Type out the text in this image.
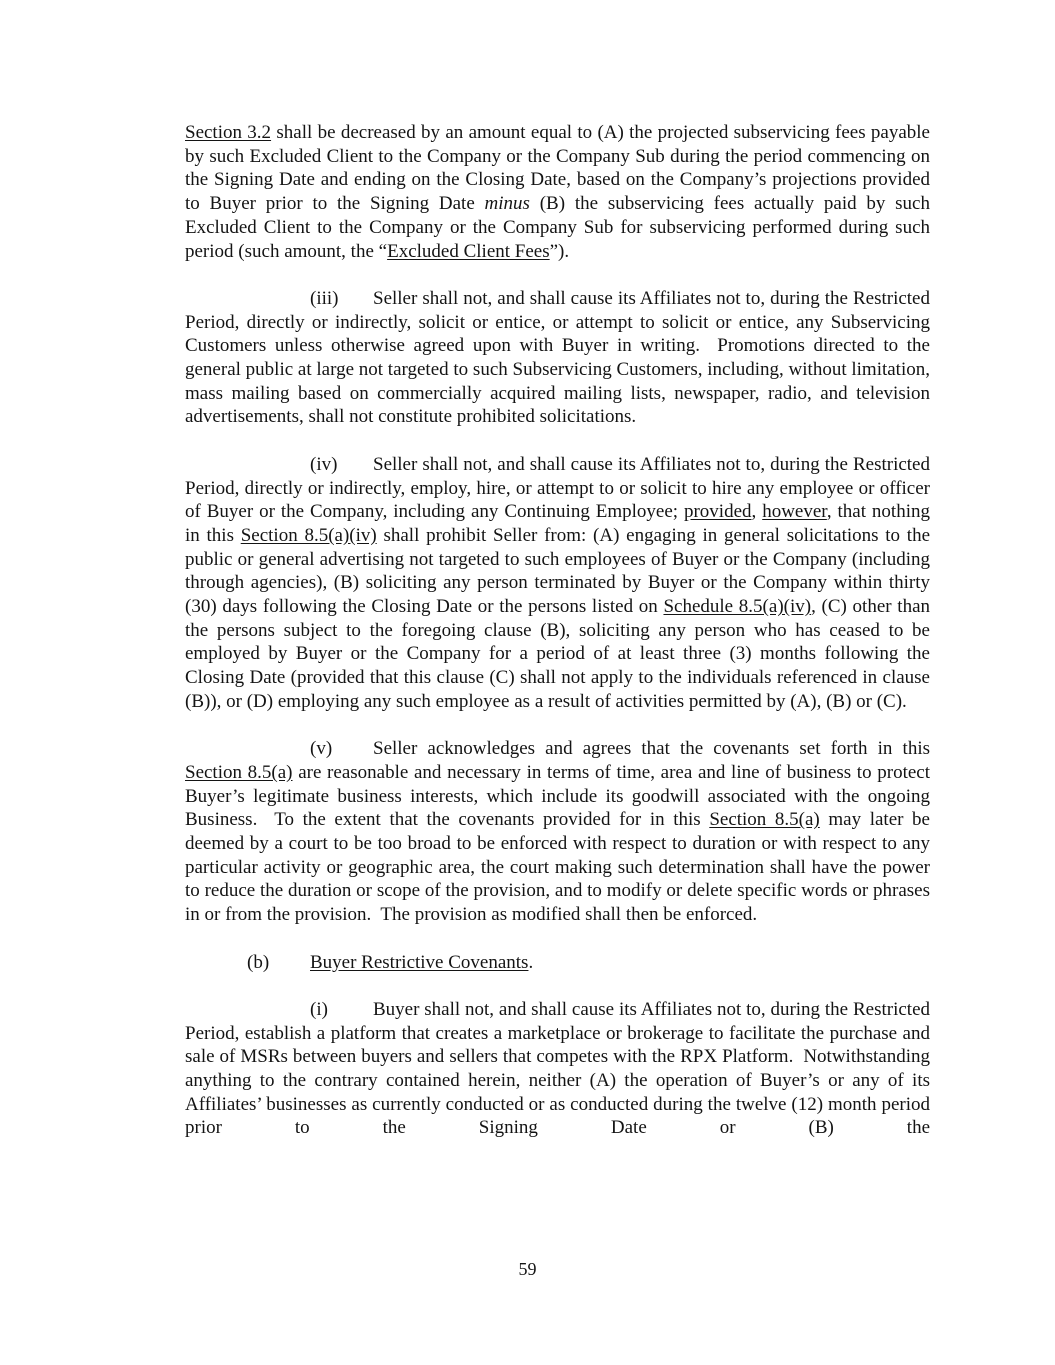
Section 3.2 shall be decreased by an amount equal to (A) the projected subservicing fees payable by such Excluded Client to the Company or the Company Sub during the period commencing on the Signing Date and ending on the Closing Date, based on the Company’s projections provided to Buyer prior to the Signing Date minus (B) the subservicing fees actually paid by such Excluded Client to the Company or the Company Sub for subservicing performed during such period (such amount, the “Excluded Client Fees”).

(iii) Seller shall not, and shall cause its Affiliates not to, during the Restricted Period, directly or indirectly, solicit or entice, or attempt to solicit or entice, any Subservicing Customers unless otherwise agreed upon with Buyer in writing.  Promotions directed to the general public at large not targeted to such Subservicing Customers, including, without limitation, mass mailing based on commercially acquired mailing lists, newspaper, radio, and television advertisements, shall not constitute prohibited solicitations.

(iv) Seller shall not, and shall cause its Affiliates not to, during the Restricted Period, directly or indirectly, employ, hire, or attempt to or solicit to hire any employee or officer of Buyer or the Company, including any Continuing Employee; provided, however, that nothing in this Section 8.5(a)(iv) shall prohibit Seller from: (A) engaging in general solicitations to the public or general advertising not targeted to such employees of Buyer or the Company (including through agencies), (B) soliciting any person terminated by Buyer or the Company within thirty (30) days following the Closing Date or the persons listed on Schedule 8.5(a)(iv), (C) other than the persons subject to the foregoing clause (B), soliciting any person who has ceased to be employed by Buyer or the Company for a period of at least three (3) months following the Closing Date (provided that this clause (C) shall not apply to the individuals referenced in clause (B)), or (D) employing any such employee as a result of activities permitted by (A), (B) or (C).

(v) Seller acknowledges and agrees that the covenants set forth in this Section 8.5(a) are reasonable and necessary in terms of time, area and line of business to protect Buyer’s legitimate business interests, which include its goodwill associated with the ongoing Business.  To the extent that the covenants provided for in this Section 8.5(a) may later be deemed by a court to be too broad to be enforced with respect to duration or with respect to any particular activity or geographic area, the court making such determination shall have the power to reduce the duration or scope of the provision, and to modify or delete specific words or phrases in or from the provision.  The provision as modified shall then be enforced.

(b) Buyer Restrictive Covenants.

(i) Buyer shall not, and shall cause its Affiliates not to, during the Restricted Period, establish a platform that creates a marketplace or brokerage to facilitate the purchase and sale of MSRs between buyers and sellers that competes with the RPX Platform.  Notwithstanding anything to the contrary contained herein, neither (A) the operation of Buyer’s or any of its Affiliates’ businesses as currently conducted or as conducted during the twelve (12) month period prior to the Signing Date or (B) the

59
